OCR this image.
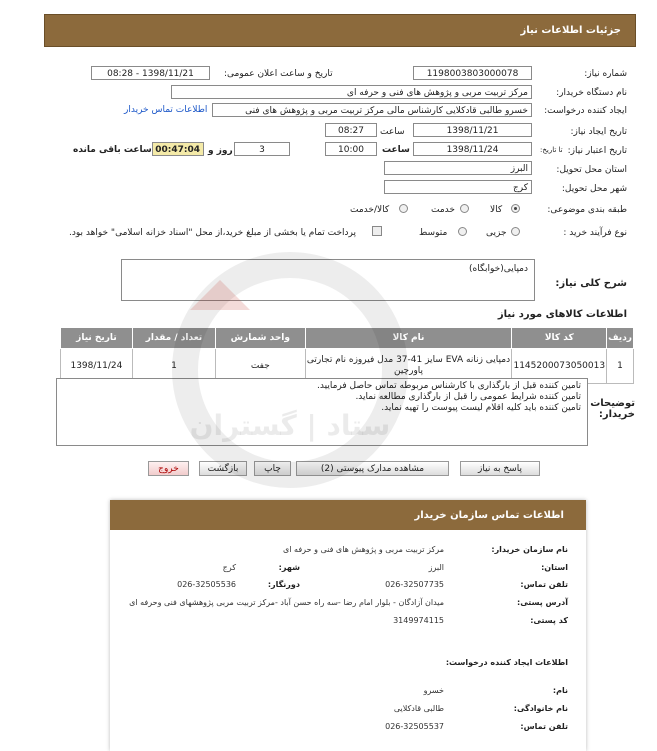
جزئیات اطلاعات نیاز
شماره نیاز:
1198003803000078
تاریخ و ساعت اعلان عمومی:
1398/11/21 - 08:28
نام دستگاه خریدار:
مرکز تربیت مربی و پژوهش های فنی و حرفه ای
ایجاد کننده درخواست:
خسرو طالبی قادکلایی کارشناس مالی مرکز تربیت مربی و پژوهش های فنی
اطلاعات تماس خریدار
تاریخ ایجاد نیاز:
1398/11/21
ساعت
08:27
تاریخ اعتبار نیاز:
تا تاریخ:
1398/11/24
ساعت
10:00
3
روز و
00:47:04
ساعت باقی مانده
استان محل تحویل:
البرز
شهر محل تحویل:
کرج
طبقه بندی موضوعی:
کالا
خدمت
کالا/خدمت
نوع فرآیند خرید :
جزیی
متوسط
پرداخت تمام یا بخشی از مبلغ خرید،از محل "اسناد خزانه اسلامی" خواهد بود.
شرح کلی نیاز:
دمپایی(خوابگاه)
اطلاعات کالاهای مورد نیاز
ردیف	کد کالا	نام کالا	واحد شمارش	تعداد / مقدار	تاریخ نیاز
1	1145200073050013	دمپایی زنانه EVA سایز 41-37 مدل فیروزه نام تجارتی پاورچین	جفت	1	1398/11/24
توضیحات خریدار:
تامین کننده قبل از بارگذاری با کارشناس مربوطه تماس حاصل فرمایید.
تامین کننده شرایط عمومی را قبل از بارگذاری مطالعه نماید.
تامین کننده باید کلیه اقلام لیست پیوست را تهیه نماید.
پاسخ به نیاز
مشاهده مدارک پیوستی (2)
چاپ
بازگشت
خروج
اطلاعات تماس سازمان خریدار
نام سازمان خریدار:
مرکز تربیت مربی و پژوهش های فنی و حرفه ای
استان:
البرز
شهر:
کرج
تلفن تماس:
026-32507735
دورنگار:
026-32505536
آدرس پستی:
میدان آزادگان - بلوار امام رضا -سه راه حسن آباد -مرکز تربیت مربی پژوهشهای فنی وحرفه ای
کد پستی:
3149974115
اطلاعات ایجاد کننده درخواست:
نام:
خسرو
نام خانوادگی:
طالبی قادکلایی
تلفن تماس:
026-32505537
